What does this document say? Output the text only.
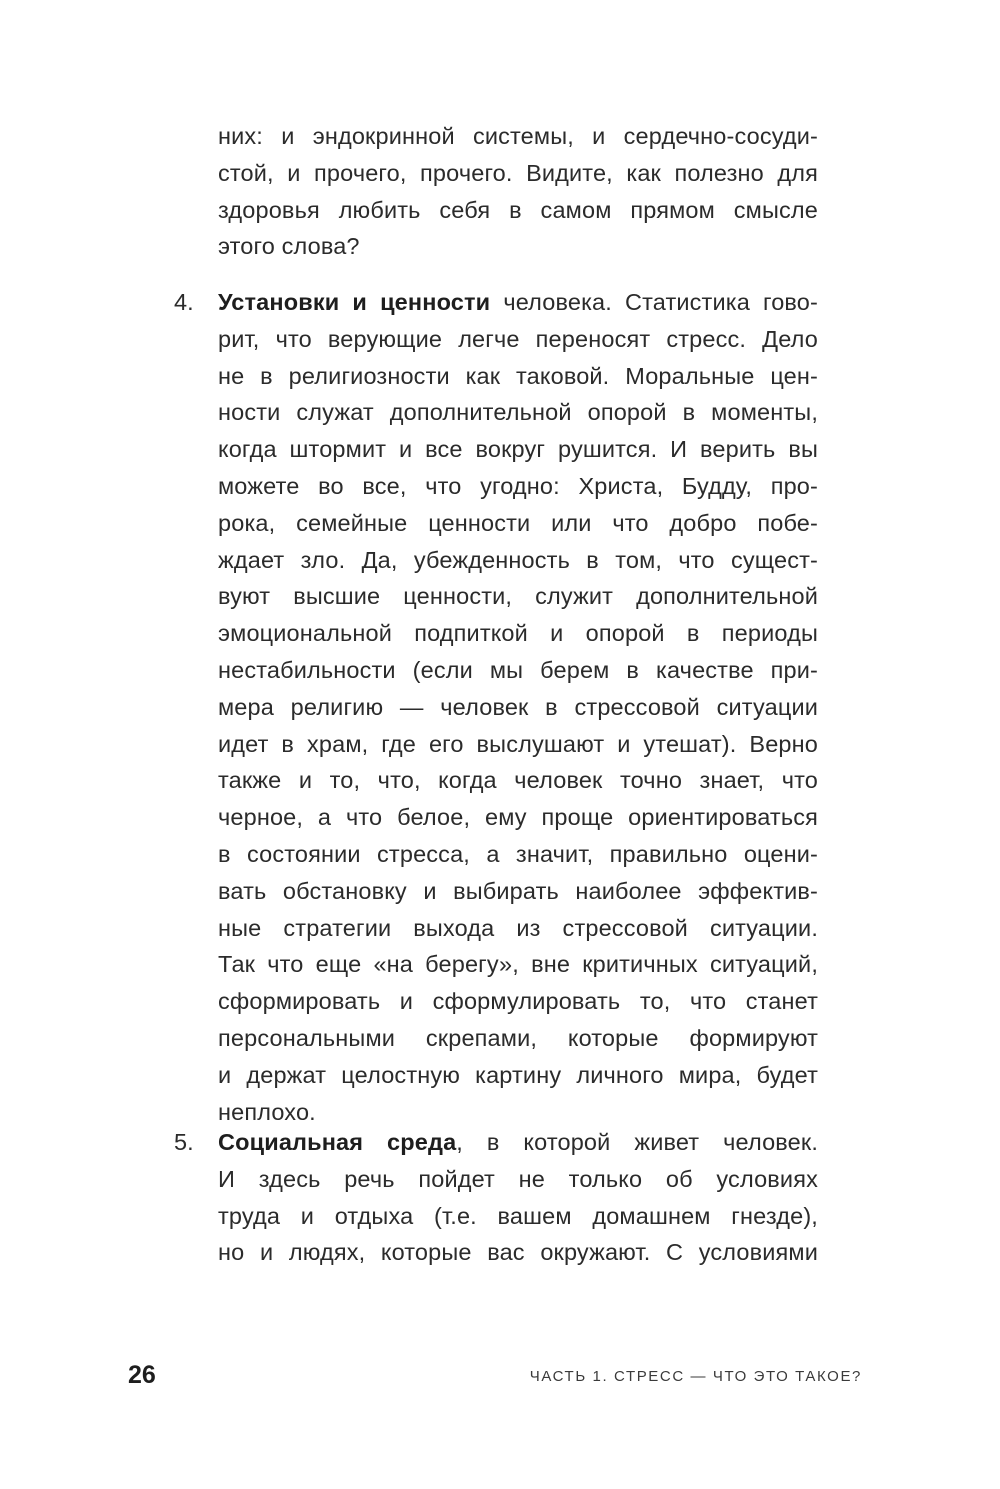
них: и эндокринной системы, и сердечно-сосуди-
стой, и прочего, прочего. Видите, как полезно для
здоровья любить себя в самом прямом смысле
этого слова?
4. Установки и ценности человека. Статистика гово-
рит, что верующие легче переносят стресс. Дело
не в религиозности как таковой. Моральные цен-
ности служат дополнительной опорой в моменты,
когда штормит и все вокруг рушится. И верить вы
можете во все, что угодно: Христа, Будду, про-
рока, семейные ценности или что добро побе-
ждает зло. Да, убежденность в том, что сущест-
вуют высшие ценности, служит дополнительной
эмоциональной подпиткой и опорой в периоды
нестабильности (если мы берем в качестве при-
мера религию — человек в стрессовой ситуации
идет в храм, где его выслушают и утешат). Верно
также и то, что, когда человек точно знает, что
черное, а что белое, ему проще ориентироваться
в состоянии стресса, а значит, правильно оцени-
вать обстановку и выбирать наиболее эффектив-
ные стратегии выхода из стрессовой ситуации.
Так что еще «на берегу», вне критичных ситуаций,
сформировать и сформулировать то, что станет
персональными скрепами, которые формируют
и держат целостную картину личного мира, будет
неплохо.
5. Социальная среда, в которой живет человек.
И здесь речь пойдет не только об условиях
труда и отдыха (т.е. вашем домашнем гнезде),
но и людях, которые вас окружают. С условиями
26	ЧАСТЬ 1. СТРЕСС — ЧТО ЭТО ТАКОЕ?
